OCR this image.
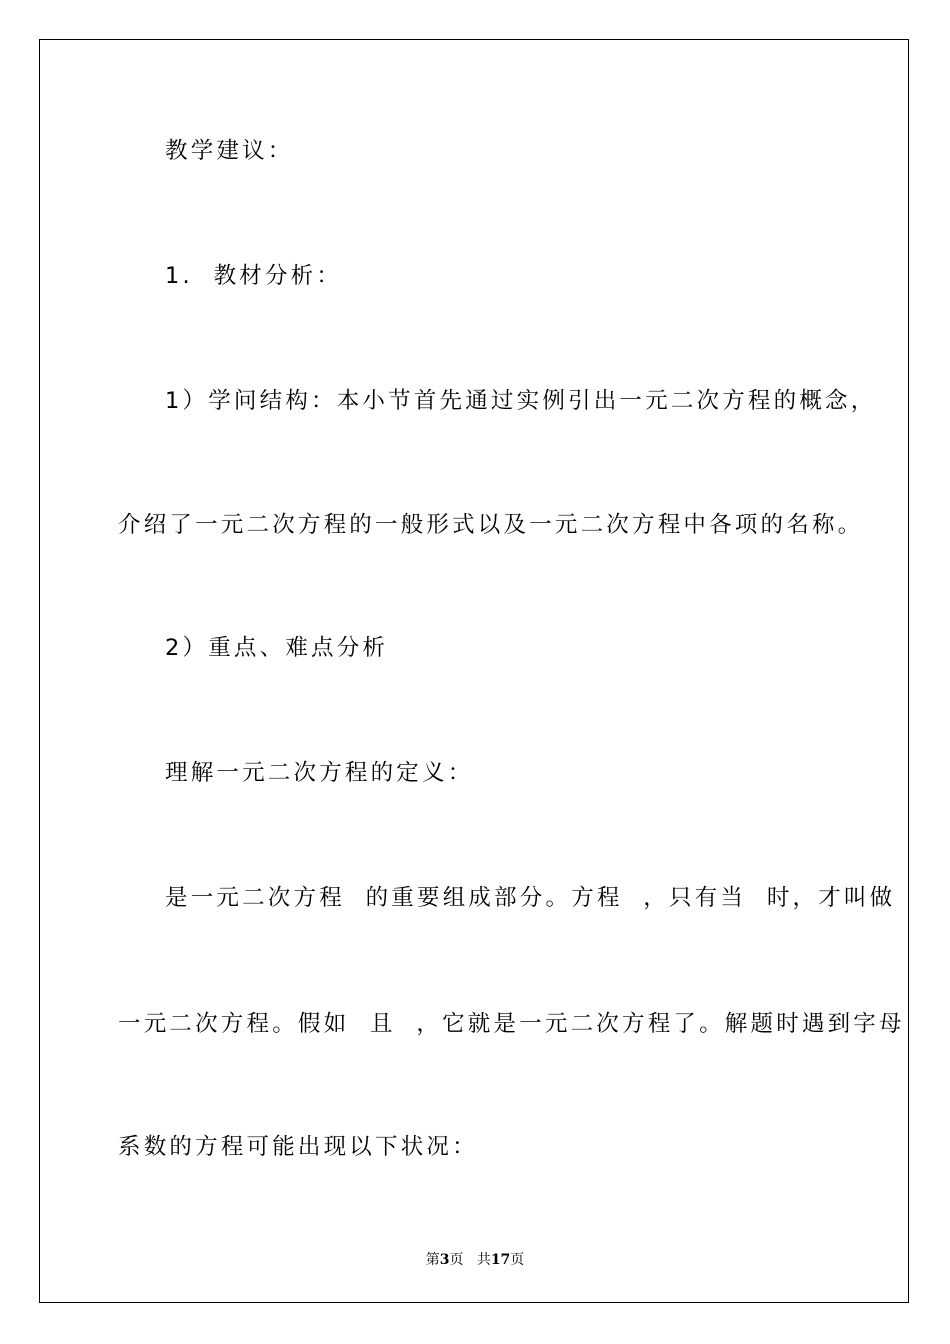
教学建议：
1.  教材分析：
1）学问结构：本小节首先通过实例引出一元二次方程的概念，
介绍了一元二次方程的一般形式以及一元二次方程中各项的名称。
2）重点、难点分析
理解一元二次方程的定义：
是一元二次方程  的重要组成部分。方程  ，只有当  时，才叫做
一元二次方程。假如  且  ，它就是一元二次方程了。解题时遇到字母
系数的方程可能出现以下状况：
第3页 共17页
